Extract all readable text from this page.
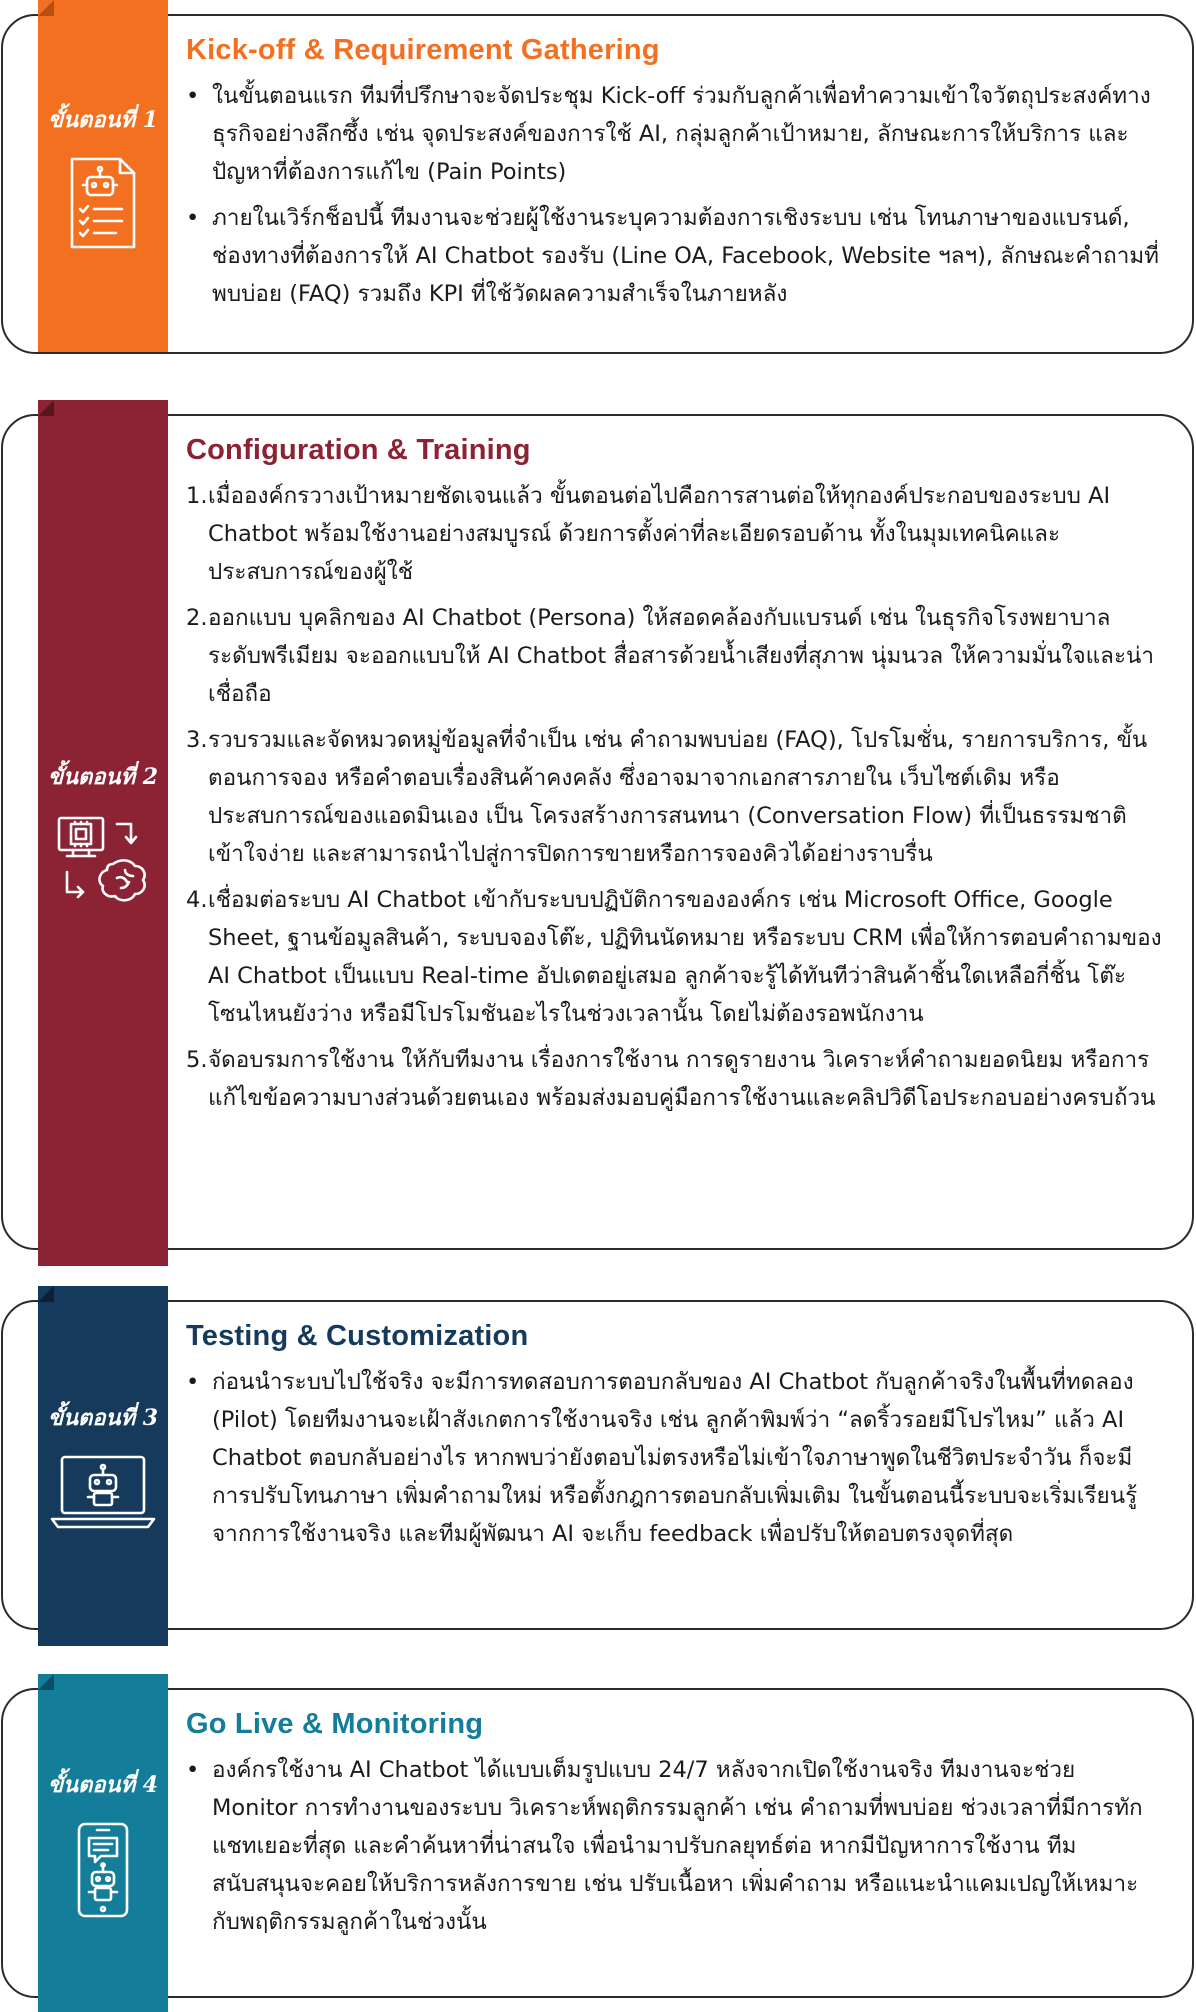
ขั้นตอนที่ 1
Kick-off & Requirement Gathering
• ในขั้นตอนแรก ทีมที่ปรึกษาจะจัดประชุม Kick-off ร่วมกับลูกค้าเพื่อทำความเข้าใจวัตถุประสงค์ทางธุรกิจอย่างลึกซึ้ง เช่น จุดประสงค์ของการใช้ AI, กลุ่มลูกค้าเป้าหมาย, ลักษณะการให้บริการ และปัญหาที่ต้องการแก้ไข (Pain Points)
• ภายในเวิร์กช็อปนี้ ทีมงานจะช่วยผู้ใช้งานระบุความต้องการเชิงระบบ เช่น โทนภาษาของแบรนด์, ช่องทางที่ต้องการให้ AI Chatbot รองรับ (Line OA, Facebook, Website ฯลฯ), ลักษณะคำถามที่พบบ่อย (FAQ) รวมถึง KPI ที่ใช้วัดผลความสำเร็จในภายหลัง
ขั้นตอนที่ 2
Configuration & Training
1. เมื่อองค์กรวางเป้าหมายชัดเจนแล้ว ขั้นตอนต่อไปคือการสานต่อให้ทุกองค์ประกอบของระบบ AI Chatbot พร้อมใช้งานอย่างสมบูรณ์ ด้วยการตั้งค่าที่ละเอียดรอบด้าน ทั้งในมุมเทคนิคและประสบการณ์ของผู้ใช้
2. ออกแบบ บุคลิกของ AI Chatbot (Persona) ให้สอดคล้องกับแบรนด์ เช่น ในธุรกิจโรงพยาบาลระดับพรีเมียม จะออกแบบให้ AI Chatbot สื่อสารด้วยน้ำเสียงที่สุภาพ นุ่มนวล ให้ความมั่นใจและน่าเชื่อถือ
3. รวบรวมและจัดหมวดหมู่ข้อมูลที่จำเป็น เช่น คำถามพบบ่อย (FAQ), โปรโมชั่น, รายการบริการ, ขั้นตอนการจอง หรือคำตอบเรื่องสินค้าคงคลัง ซึ่งอาจมาจากเอกสารภายใน เว็บไซต์เดิม หรือประสบการณ์ของแอดมินเอง เป็น โครงสร้างการสนทนา (Conversation Flow) ที่เป็นธรรมชาติ เข้าใจง่าย และสามารถนำไปสู่การปิดการขายหรือการจองคิวได้อย่างราบรื่น
4. เชื่อมต่อระบบ AI Chatbot เข้ากับระบบปฏิบัติการขององค์กร เช่น Microsoft Office, Google Sheet, ฐานข้อมูลสินค้า, ระบบจองโต๊ะ, ปฏิทินนัดหมาย หรือระบบ CRM เพื่อให้การตอบคำถามของ AI Chatbot เป็นแบบ Real-time อัปเดตอยู่เสมอ ลูกค้าจะรู้ได้ทันทีว่าสินค้าชิ้นใดเหลือกี่ชิ้น โต๊ะโซนไหนยังว่าง หรือมีโปรโมชันอะไรในช่วงเวลานั้น โดยไม่ต้องรอพนักงาน
5. จัดอบรมการใช้งาน ให้กับทีมงาน เรื่องการใช้งาน การดูรายงาน วิเคราะห์คำถามยอดนิยม หรือการแก้ไขข้อความบางส่วนด้วยตนเอง พร้อมส่งมอบคู่มือการใช้งานและคลิปวิดีโอประกอบอย่างครบถ้วน
ขั้นตอนที่ 3
Testing & Customization
• ก่อนนำระบบไปใช้จริง จะมีการทดสอบการตอบกลับของ AI Chatbot กับลูกค้าจริงในพื้นที่ทดลอง (Pilot) โดยทีมงานจะเฝ้าสังเกตการใช้งานจริง เช่น ลูกค้าพิมพ์ว่า “ลดริ้วรอยมีโปรไหม” แล้ว AI Chatbot ตอบกลับอย่างไร หากพบว่ายังตอบไม่ตรงหรือไม่เข้าใจภาษาพูดในชีวิตประจำวัน ก็จะมีการปรับโทนภาษา เพิ่มคำถามใหม่ หรือตั้งกฎการตอบกลับเพิ่มเติม ในขั้นตอนนี้ระบบจะเริ่มเรียนรู้จากการใช้งานจริง และทีมผู้พัฒนา AI จะเก็บ feedback เพื่อปรับให้ตอบตรงจุดที่สุด
ขั้นตอนที่ 4
Go Live & Monitoring
• องค์กรใช้งาน AI Chatbot ได้แบบเต็มรูปแบบ 24/7 หลังจากเปิดใช้งานจริง ทีมงานจะช่วย Monitor การทำงานของระบบ วิเคราะห์พฤติกรรมลูกค้า เช่น คำถามที่พบบ่อย ช่วงเวลาที่มีการทักแชทเยอะที่สุด และคำค้นหาที่น่าสนใจ เพื่อนำมาปรับกลยุทธ์ต่อ หากมีปัญหาการใช้งาน ทีมสนับสนุนจะคอยให้บริการหลังการขาย เช่น ปรับเนื้อหา เพิ่มคำถาม หรือแนะนำแคมเปญให้เหมาะกับพฤติกรรมลูกค้าในช่วงนั้น
